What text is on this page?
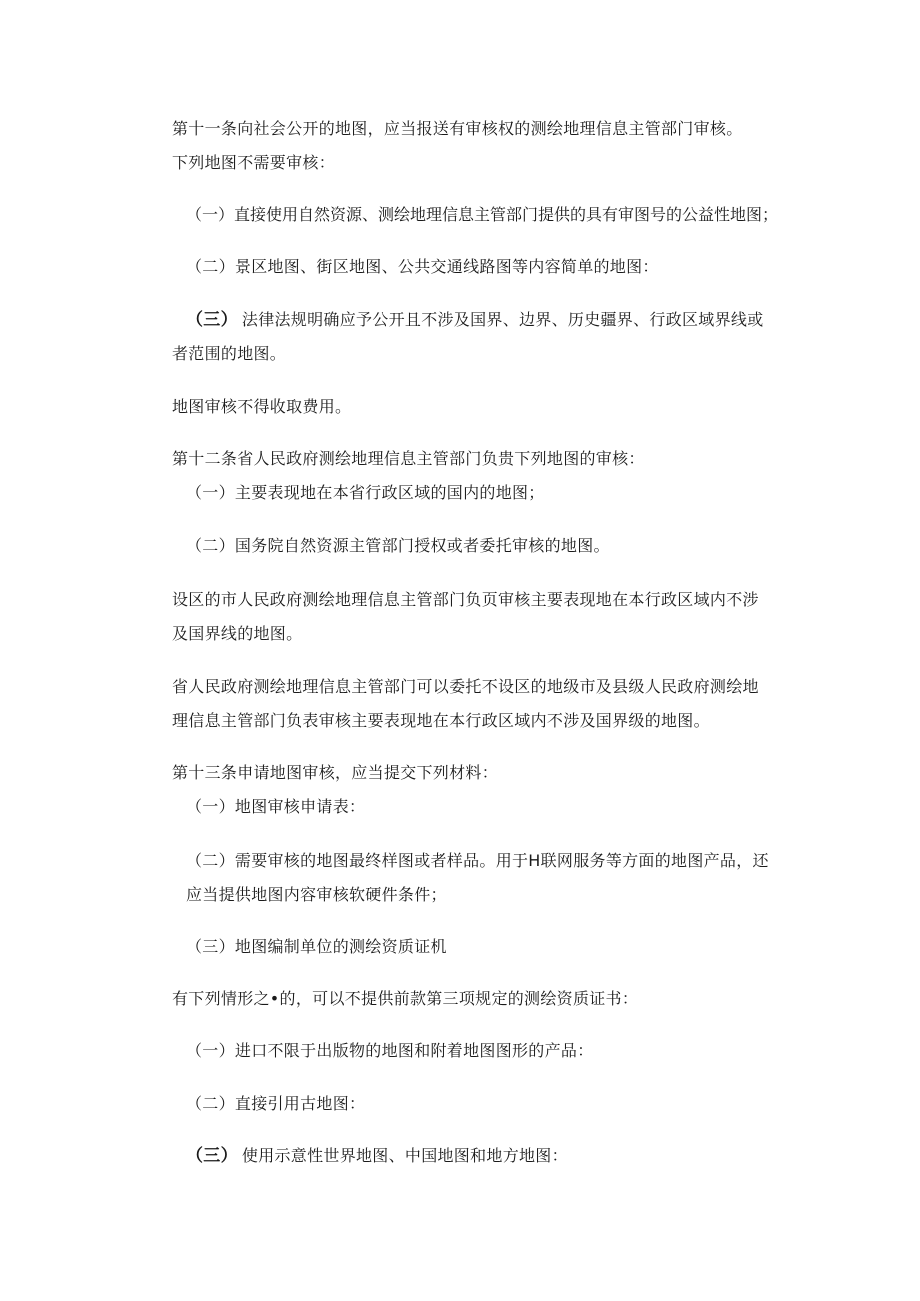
第十一条向社会公开的地图，应当报送有审核权的测绘地理信息主管部门审核。
下列地图不需要审核：
（一）直接使用自然资源、测绘地理信息主管部门提供的具有审图号的公益性地图；
（二）景区地图、街区地图、公共交通线路图等内容简单的地图：
（三） 法律法规明确应予公开且不涉及国界、边界、历史疆界、行政区域界线或
者范围的地图。
地图审核不得收取费用。
第十二条省人民政府测绘地理信息主管部门负贵下列地图的审核：
（一）主要表现地在本省行政区域的国内的地图；
（二）国务院自然资源主管部门授权或者委托审核的地图。
设区的市人民政府测绘地理信息主管部门负页审核主要表现地在本行政区域内不涉
及国界线的地图。
省人民政府测绘地理信息主管部门可以委托不设区的地级市及县级人民政府测绘地
理信息主管部门负表审核主要表现地在本行政区域内不涉及国界级的地图。
第十三条申请地图审核，应当提交下列材料：
（一）地图审核申请表：
（二）需要审核的地图最终样图或者样品。用于H联网服务等方面的地图产品，还
应当提供地图内容审核软硬件条件；
（三）地图编制单位的测绘资质证机
有下列情形之•的，可以不提供前款第三项规定的测绘资质证书：
（一）进口不限于出版物的地图和附着地图图形的产品：
（二）直接引用古地图：
（三） 使用示意性世界地图、中国地图和地方地图：
